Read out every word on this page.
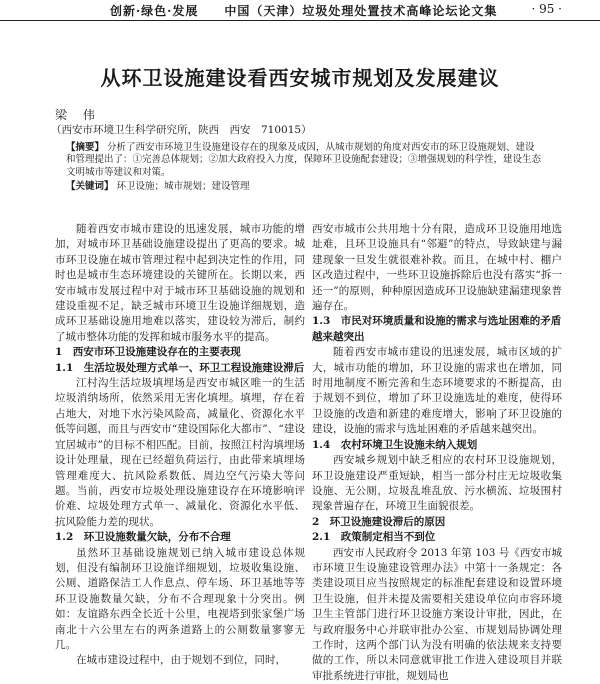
创新·绿色·发展　　中国（天津）垃圾处理处置技术高峰论坛论文集	· 95 ·
从环卫设施建设看西安城市规划及发展建议
梁 伟
（西安市环境卫生科学研究所，陕西　西安　710015）
【摘要】 分析了西安市环境卫生设施建设存在的现象及成因，从城市规划的角度对西安市的环卫设施规划、建设和管理提出了：①完善总体规划；②加大政府投入力度，保障环卫设施配套建设；③增强规划的科学性，建设生态文明城市等建议和对策。
【关键词】 环卫设施；城市规划；建设管理

随着西安市城市建设的迅速发展，城市功能的增加，对城市环卫基础设施建设提出了更高的要求。城市环卫设施在城市管理过程中起到决定性的作用，同时也是城市生态环境建设的关键所在。长期以来，西安市城市发展过程中对于城市环卫基础设施的规划和建设重视不足，缺乏城市环境卫生设施详细规划，造成环卫基础设施用地难以落实，建设较为滞后，制约了城市整体功能的发挥和城市服务水平的提高。

1　西安市环卫设施建设存在的主要表现
1.1　生活垃圾处理方式单一、环卫工程设施建设滞后

江村沟生活垃圾填埋场是西安市城区唯一的生活垃圾消纳场所，依然采用无害化填埋。填埋，存在着占地大，对地下水污染风险高，减量化、资源化水平低等问题，而且与西安市“建设国际化大都市”、“建设宜居城市”的目标不相匹配。目前，按照江村沟填埋场设计处理量，现在已经超负荷运行，由此带来填埋场管理难度大、抗风险系数低、周边空气污染大等问题。当前，西安市垃圾处理设施建设存在环境影响评价难、垃圾处理方式单一、减量化、资源化水平低、抗风险能力差的现状。

1.2　环卫设施数量欠缺，分布不合理

虽然环卫基础设施规划已纳入城市建设总体规划，但没有编制环卫设施详细规划，垃圾收集设施、公厕、道路保洁工人作息点、停车场、环卫基地等等环卫设施数量欠缺，分布不合理现象十分突出。例如：友谊路东西全长近十公里，电视塔到张家堡广场南北十六公里左右的两条道路上的公厕数量寥寥无几。

在城市建设过程中，由于规划不到位，同时，

西安市城市公共用地十分有限，造成环卫设施用地选址难，且环卫设施具有“邻避”的特点，导致缺建与漏建现象一旦发生就很难补救。而且，在城中村、棚户区改造过程中，一些环卫设施拆除后也没有落实“拆一还一”的原则，种种原因造成环卫设施缺建漏建现象普遍存在。

1.3　市民对环境质量和设施的需求与选址困难的矛盾越来越突出

随着西安市城市建设的迅速发展，城市区域的扩大，城市功能的增加，环卫设施的需求也在增加，同时用地制度不断完善和生态环境要求的不断提高，由于规划不到位，增加了环卫设施选址的难度，使得环卫设施的改造和新建的难度增大，影响了环卫设施的建设，设施的需求与选址困难的矛盾越来越突出。

1.4　农村环境卫生设施未纳入规划

西安城乡规划中缺乏相应的农村环卫设施规划，环卫设施建设严重短缺，相当一部分村庄无垃圾收集设施、无公厕，垃圾乱堆乱放、污水横流、垃圾围村现象普遍存在，环境卫生面貌很差。

2　环卫设施建设滞后的原因
2.1　政策制定相当不到位

西安市人民政府令 2013 年第 103 号《西安市城市环境卫生设施建设管理办法》中第十一条规定：各类建设项目应当按照规定的标准配套建设和设置环境卫生设施，但并未提及需要相关建设单位向市容环境卫生主管部门进行环卫设施方案设计审批，因此，在与政府服务中心并联审批办公室、市规划局协调处理工作时，这两个部门认为没有明确的依法规来支持要做的工作，所以未同意就审批工作进入建设项目并联审批系统进行审批，规划局也
